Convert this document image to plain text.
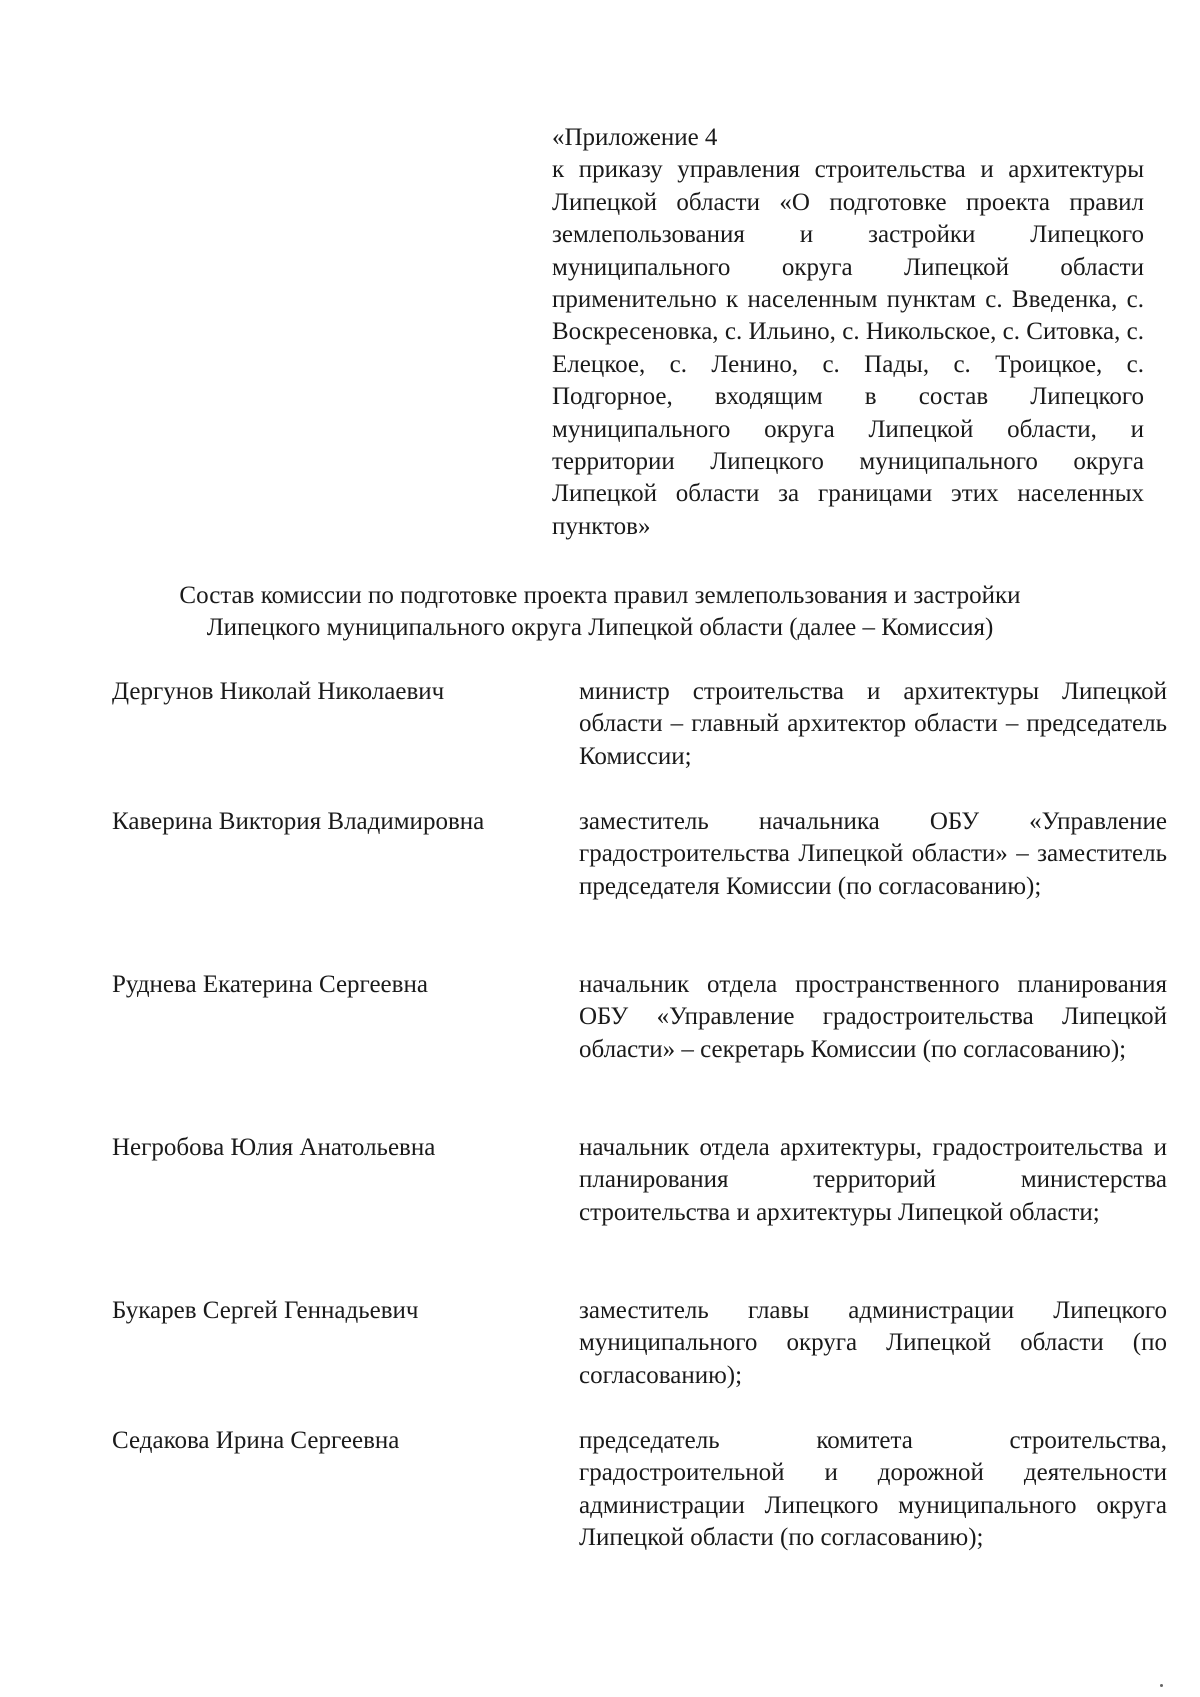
«Приложение 4
к приказу управления строительства и архитектуры Липецкой области «О подготовке проекта правил землепользования и застройки Липецкого муниципального округа Липецкой области применительно к населенным пунктам с. Введенка, с. Воскресеновка, с. Ильино, с. Никольское, с. Ситовка, с. Елецкое, с. Ленино, с. Пады, с. Троицкое, с. Подгорное, входящим в состав Липецкого муниципального округа Липецкой области, и территории Липецкого муниципального округа Липецкой области за границами этих населенных пунктов»
Состав комиссии по подготовке проекта правил землепользования и застройки
Липецкого муниципального округа Липецкой области (далее – Комиссия)
Дергунов Николай Николаевич	министр строительства и архитектуры Липецкой области – главный архитектор области – председатель Комиссии;
Каверина Виктория Владимировна	заместитель начальника ОБУ «Управление градостроительства Липецкой области» – заместитель председателя Комиссии (по согласованию);
Руднева Екатерина Сергеевна	начальник отдела пространственного планирования ОБУ «Управление градостроительства Липецкой области» – секретарь Комиссии (по согласованию);
Негробова Юлия Анатольевна	начальник отдела архитектуры, градостроительства и планирования территорий министерства строительства и архитектуры Липецкой области;
Букарев Сергей Геннадьевич	заместитель главы администрации Липецкого муниципального округа Липецкой области (по согласованию);
Седакова Ирина Сергеевна	председатель комитета строительства, градостроительной и дорожной деятельности администрации Липецкого муниципального округа Липецкой области (по согласованию);
